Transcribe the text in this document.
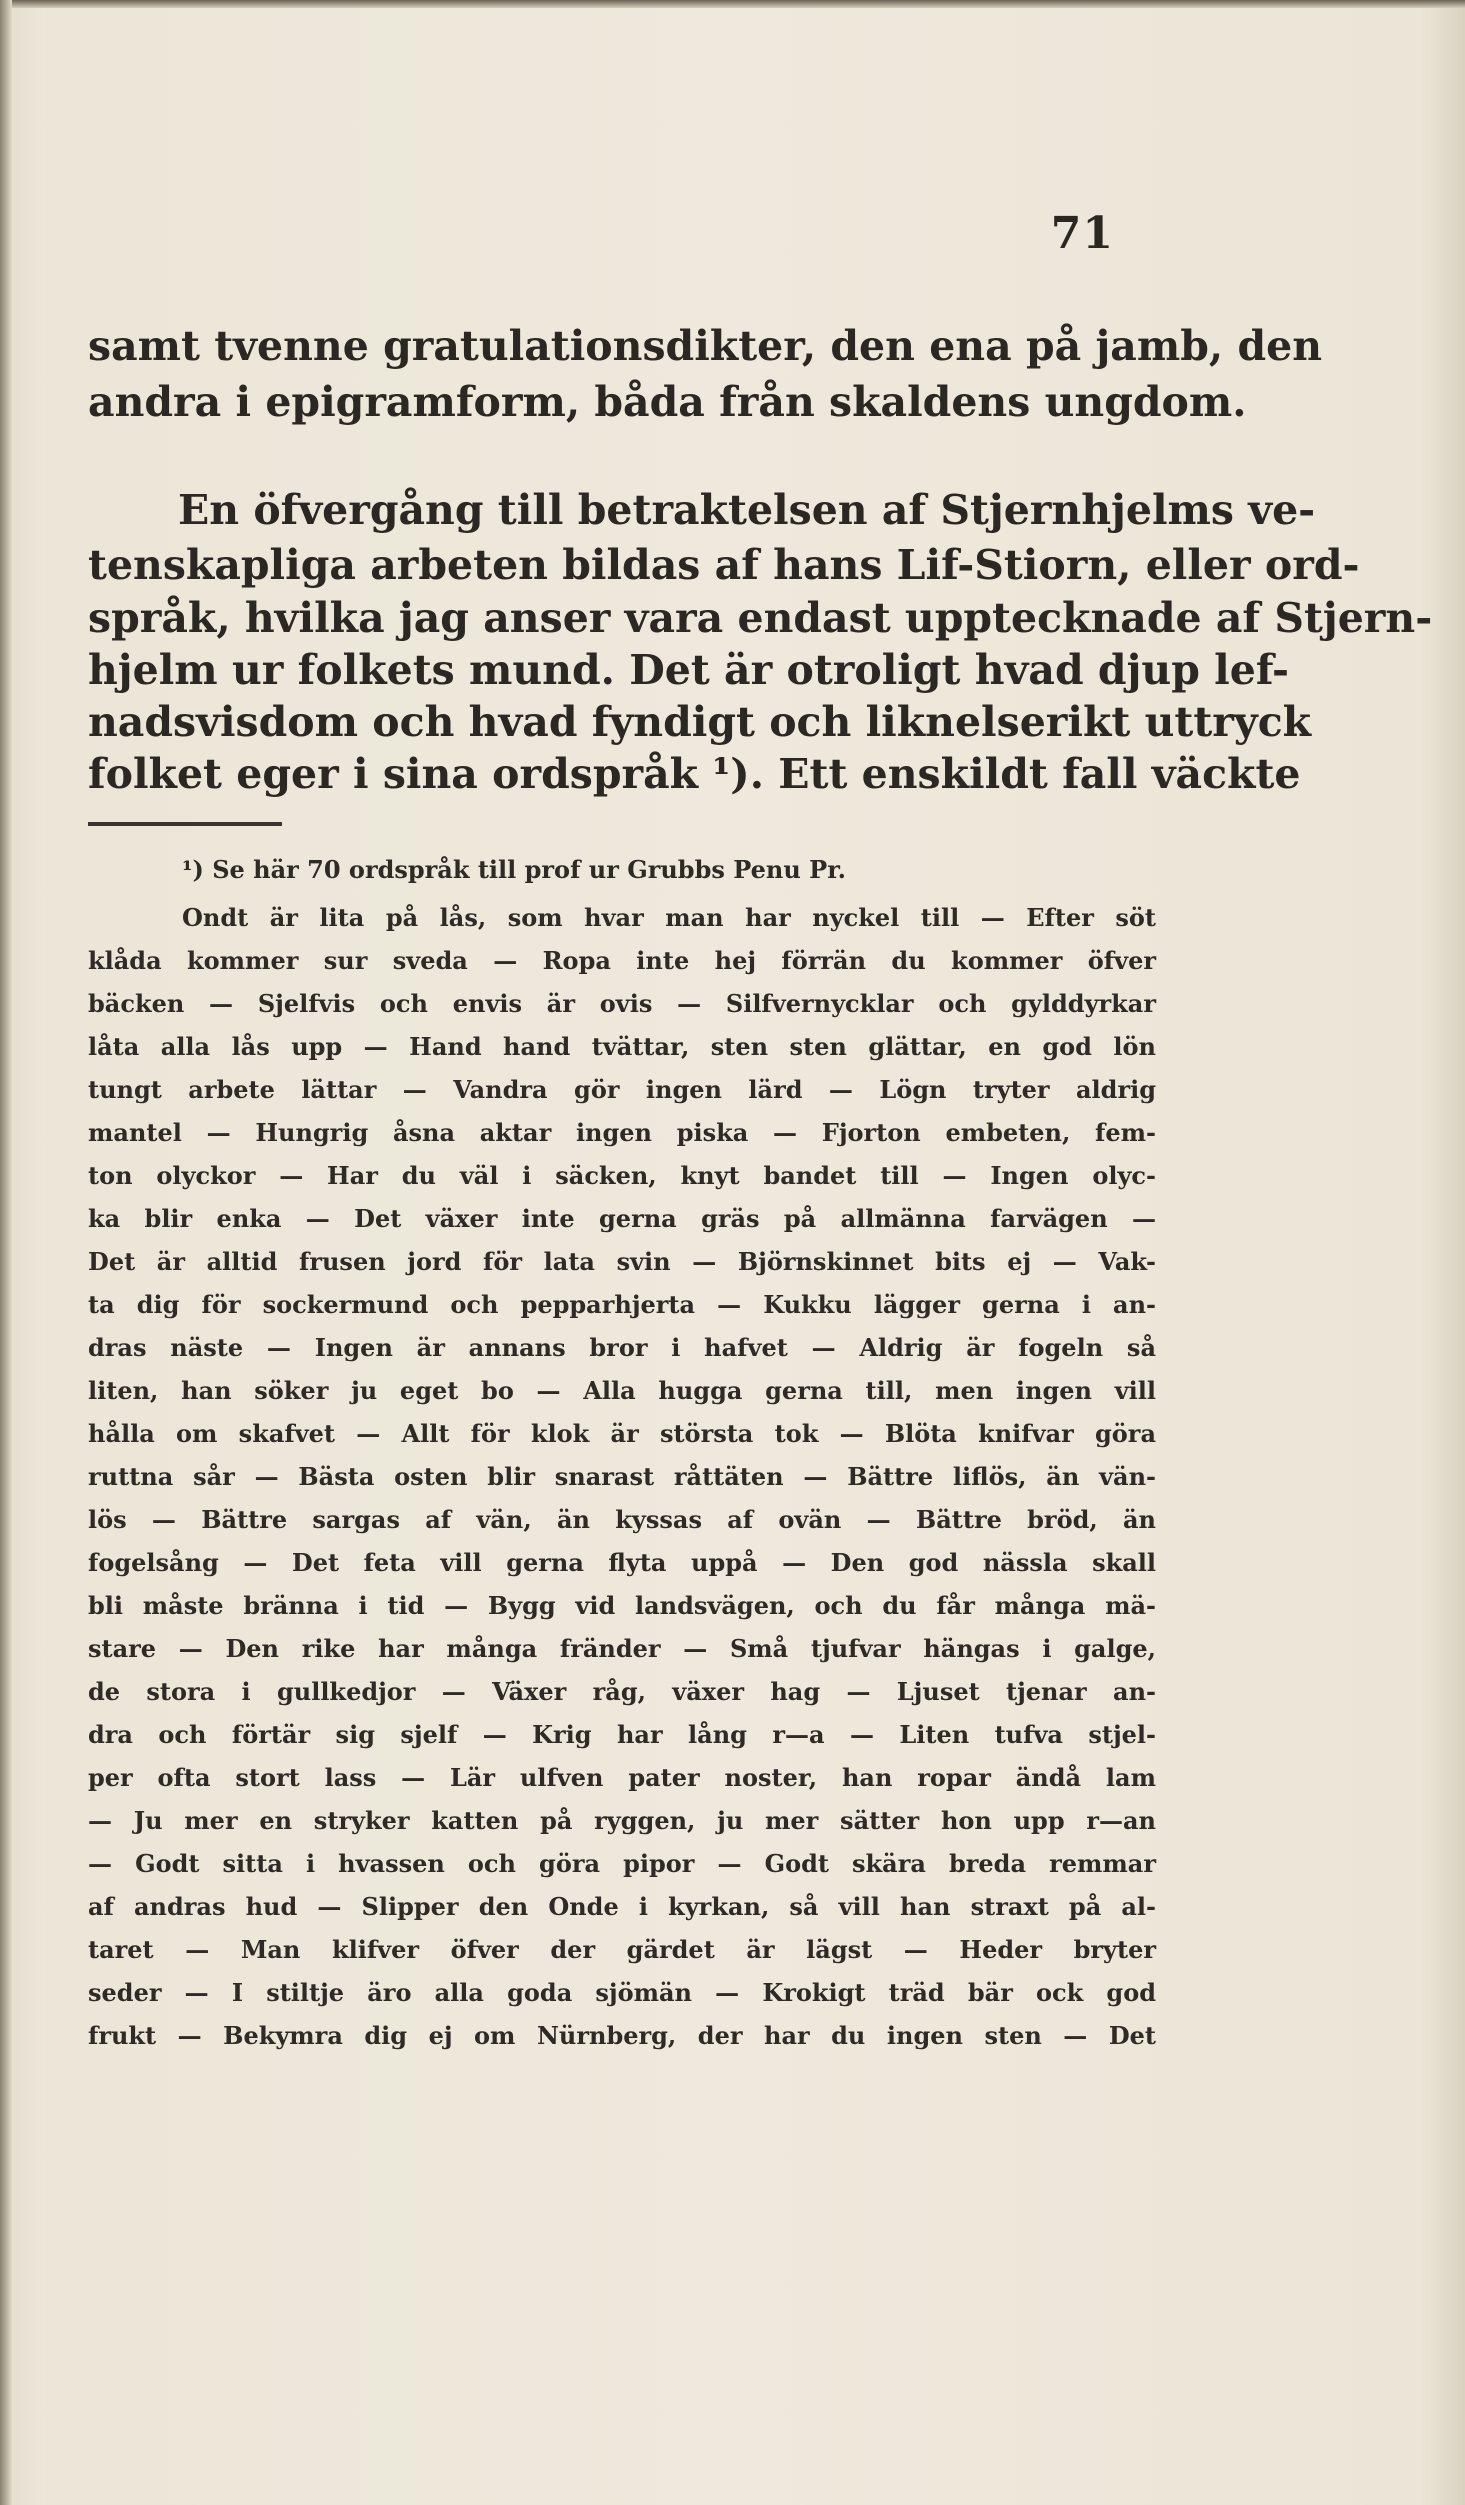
71
samt tvenne gratulationsdikter, den ena på jamb, den
andra i epigramform, båda från skaldens ungdom.
En öfvergång till betraktelsen af Stjernhjelms ve-
tenskapliga arbeten bildas af hans Lif-Stiorn, eller ord-
språk, hvilka jag anser vara endast upptecknade af Stjern-
hjelm ur folkets mund. Det är otroligt hvad djup lef-
nadsvisdom och hvad fyndigt och liknelserikt uttryck
folket eger i sina ordspråk ¹). Ett enskildt fall väckte
¹) Se här 70 ordspråk till prof ur Grubbs Penu Pr.
Ondt är lita på lås, som hvar man har nyckel till — Efter söt
klåda kommer sur sveda — Ropa inte hej förrän du kommer öfver
bäcken — Sjelfvis och envis är ovis — Silfvernycklar och gylddyrkar
låta alla lås upp — Hand hand tvättar, sten sten glättar, en god lön
tungt arbete lättar — Vandra gör ingen lärd — Lögn tryter aldrig
mantel — Hungrig åsna aktar ingen piska — Fjorton embeten, fem-
ton olyckor — Har du väl i säcken, knyt bandet till — Ingen olyc-
ka blir enka — Det växer inte gerna gräs på allmänna farvägen —
Det är alltid frusen jord för lata svin — Björnskinnet bits ej — Vak-
ta dig för sockermund och pepparhjerta — Kukku lägger gerna i an-
dras näste — Ingen är annans bror i hafvet — Aldrig är fogeln så
liten, han söker ju eget bo — Alla hugga gerna till, men ingen vill
hålla om skafvet — Allt för klok är största tok — Blöta knifvar göra
ruttna sår — Bästa osten blir snarast råttäten — Bättre liflös, än vän-
lös — Bättre sargas af vän, än kyssas af ovän — Bättre bröd, än
fogelsång — Det feta vill gerna flyta uppå — Den god nässla skall
bli måste brännа i tid — Bygg vid landsvägen, och du får många mä-
stare — Den rike har många fränder — Små tjufvar hängas i galge,
de stora i gullkedjor — Växer råg, växer hag — Ljuset tjenar an-
dra och förtär sig sjelf — Krig har lång r—a — Liten tufva stjel-
per ofta stort lass — Lär ulfven pater noster, han ropar ändå lam
— Ju mer en stryker katten på ryggen, ju mer sätter hon upp r—an
— Godt sitta i hvassen och göra pipor — Godt skära breda remmar
af andras hud — Slipper den Onde i kyrkan, så vill han straxt på al-
taret — Man klifver öfver der gärdet är lägst — Heder bryter
seder — I stiltje äro alla goda sjömän — Krokigt träd bär ock god
frukt — Bekymra dig ej om Nürnberg, der har du ingen sten — Det
